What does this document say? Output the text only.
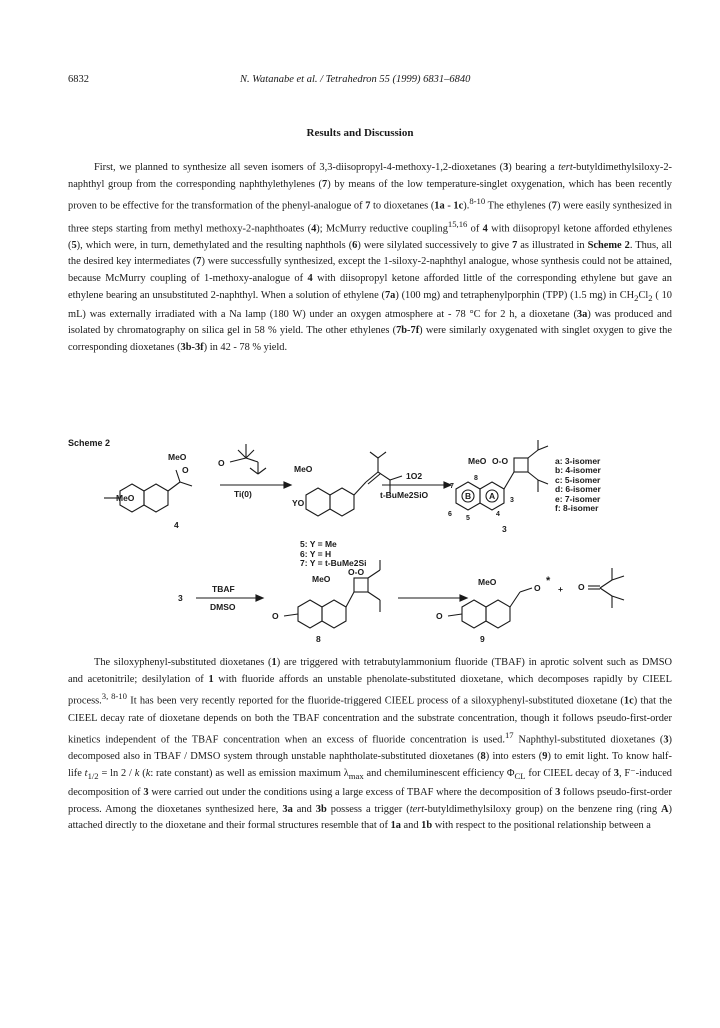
6832	N. Watanabe et al. / Tetrahedron 55 (1999) 6831–6840
Results and Discussion

First, we planned to synthesize all seven isomers of 3,3-diisopropyl-4-methoxy-1,2-dioxetanes (3) bearing a tert-butyldimethylsiloxy-2-naphthyl group from the corresponding naphthylethylenes (7) by means of the low temperature-singlet oxygenation, which has been recently proven to be effective for the transformation of the phenyl-analogue of 7 to dioxetanes (1a - 1c).$^{8-10}$ The ethylenes (7) were easily synthesized in three steps starting from methyl methoxy-2-naphthoates (4); McMurry reductive coupling$^{15,16}$ of 4 with diisopropyl ketone afforded ethylenes (5), which were, in turn, demethylated and the resulting naphthols (6) were silylated successively to give 7 as illustrated in Scheme 2. Thus, all the desired key intermediates (7) were successfully synthesized, except the 1-siloxy-2-naphthyl analogue, whose synthesis could not be attained, because McMurry coupling of 1-methoxy-analogue of 4 with diisopropyl ketone afforded little of the corresponding ethylene but gave an ethylene bearing an unsubstituted 2-naphthyl. When a solution of ethylene (7a) (100 mg) and tetraphenylporphin (TPP) (1.5 mg) in $CH_2Cl_2$ ( 10 mL) was externally irradiated with a Na lamp (180 W) under an oxygen atmosphere at - 78 °C for 2 h, a dioxetane (3a) was produced and isolated by chromatography on silica gel in 58 % yield. The other ethylenes (7b-7f) were similarly oxygenated with singlet oxygen to give the corresponding dioxetanes (3b-3f) in 42 - 78 % yield.

Scheme 2
MeO
O
MeO
4
O
Ti(0)
MeO
YO
5: Y = Me
6: Y = H
7: Y = t-BuMe2Si
1O2
MeO O-O
t-BuMe2SiO	A
B
8
7
6
5
4
3
3
a: 3-isomer
b: 4-isomer
c: 5-isomer
d: 6-isomer
e: 7-isomer
f: 8-isomer
3
TBAF
DMSO
MeO
O-O
O
8
MeO
O
*
+ O
O
9

The siloxyphenyl-substituted dioxetanes (1) are triggered with tetrabutylammonium fluoride (TBAF) in aprotic solvent such as DMSO and acetonitrile; desilylation of 1 with fluoride affords an unstable phenolate-substituted dioxetane, which decomposes rapidly by CIEEL process.$^{3, 8-10}$ It has been very recently reported for the fluoride-triggered CIEEL process of a siloxyphenyl-substituted dioxetane (1c) that the CIEEL decay rate of dioxetane depends on both the TBAF concentration and the substrate concentration, though it follows pseudo-first-order kinetics independent of the TBAF concentration when an excess of fluoride concentration is used.$^{17}$ Naphthyl-substituted dioxetanes (3) decomposed also in TBAF / DMSO system through unstable naphtholate-substituted dioxetanes (8) into esters (9) to emit light. To know half-life $t_{1/2} = \ln 2 / k$ (k: rate constant) as well as emission maximum $\lambda_{max}$ and chemiluminescent efficiency $\Phi_{CL}$ for CIEEL decay of 3, F⁻-induced decomposition of 3 were carried out under the conditions using a large excess of TBAF where the decomposition of 3 follows pseudo-first-order process. Among the dioxetanes synthesized here, 3a and 3b possess a trigger (tert-butyldimethylsiloxy group) on the benzene ring (ring A) attached directly to the dioxetane and their formal structures resemble that of 1a and 1b with respect to the positional relationship between a
